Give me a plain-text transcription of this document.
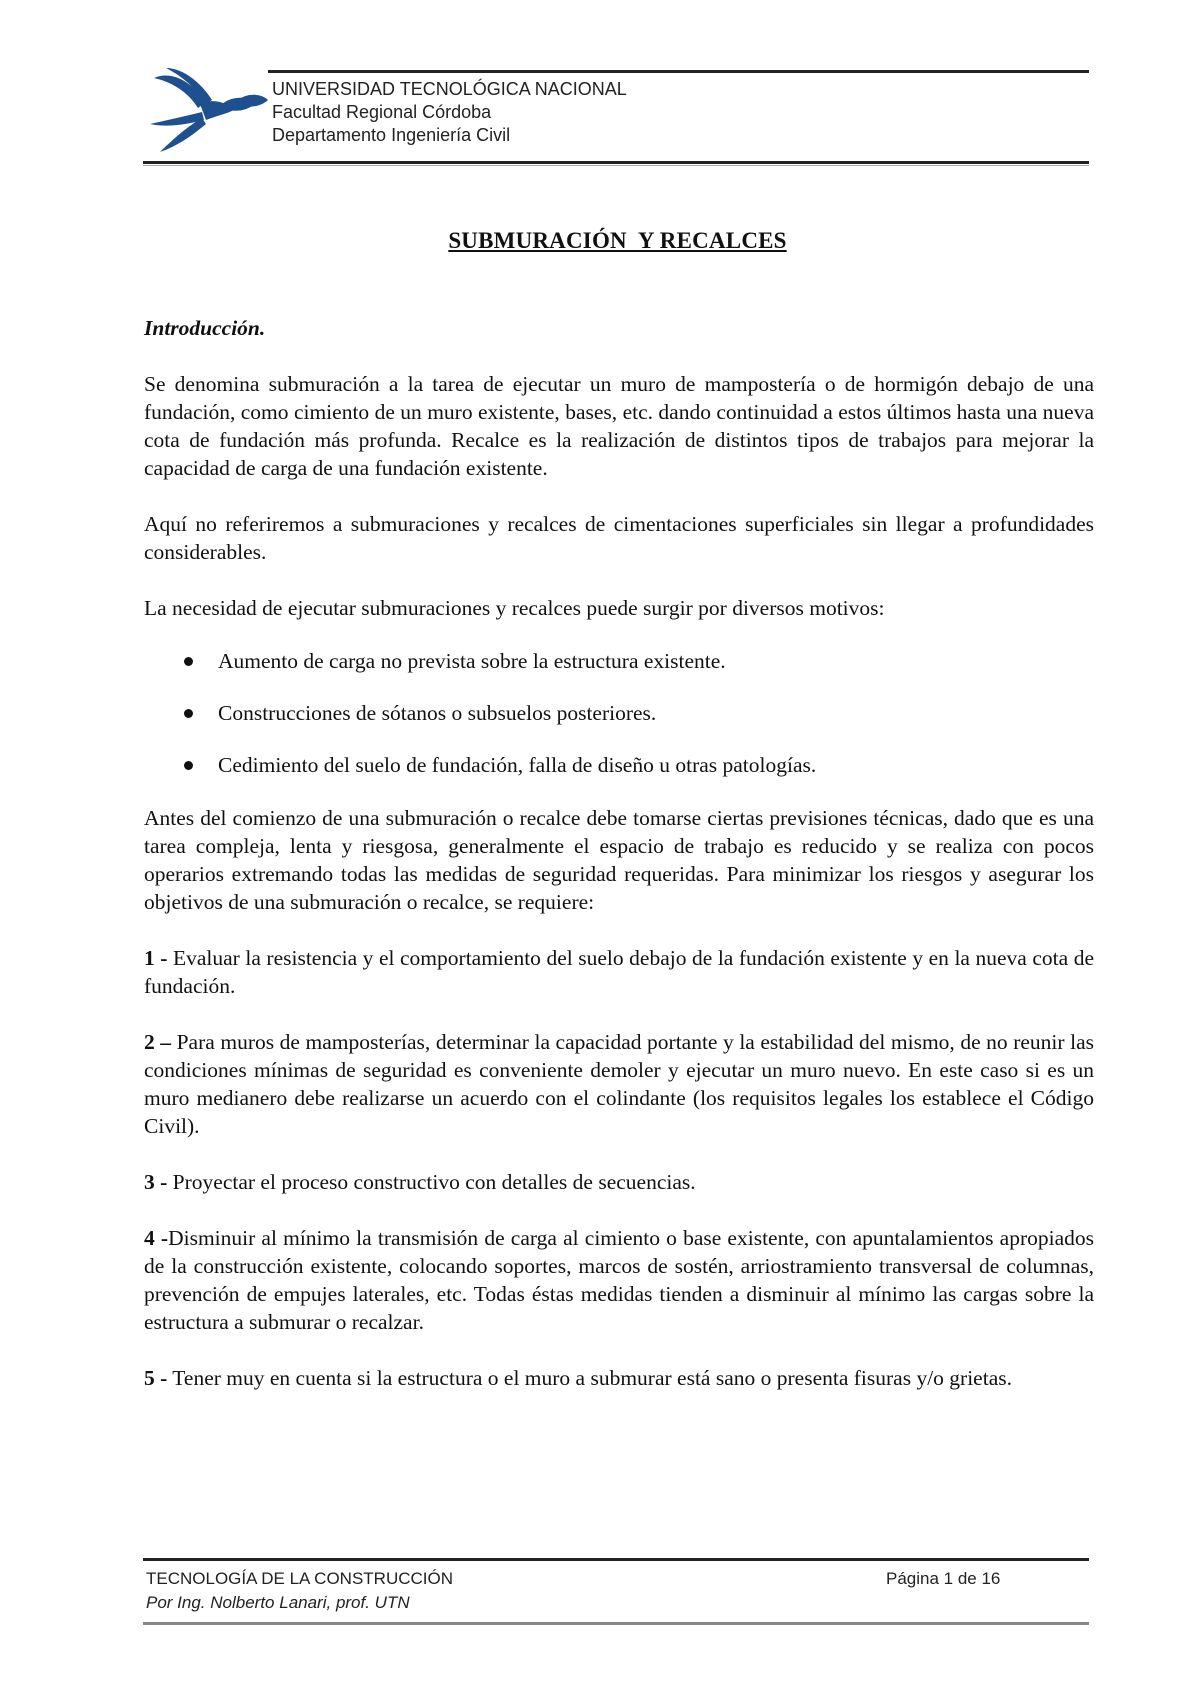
UNIVERSIDAD TECNOLÓGICA NACIONAL
Facultad Regional Córdoba
Departamento Ingeniería Civil
SUBMURACIÓN  Y RECALCES

Introducción.

Se denomina submuración a la tarea de ejecutar un muro de mampostería o de hormigón debajo de una fundación, como cimiento de un muro existente, bases, etc. dando continuidad a estos últimos hasta una nueva cota de fundación más profunda. Recalce es la realización de distintos tipos de trabajos para mejorar la capacidad de carga de una fundación existente.

Aquí no referiremos a submuraciones y recalces de cimentaciones superficiales sin llegar a profundidades considerables.

La necesidad de ejecutar submuraciones y recalces puede surgir por diversos motivos:

Aumento de carga no prevista sobre la estructura existente.
Construcciones de sótanos o subsuelos posteriores.
Cedimiento del suelo de fundación, falla de diseño u otras patologías.

Antes del comienzo de una submuración o recalce debe tomarse ciertas previsiones técnicas, dado que es una tarea compleja, lenta y riesgosa, generalmente el espacio de trabajo es reducido y se realiza con pocos operarios extremando todas las medidas de seguridad requeridas. Para minimizar los riesgos y asegurar los objetivos de una submuración o recalce, se requiere:

1 - Evaluar la resistencia y el comportamiento del suelo debajo de la fundación existente y en la nueva cota de fundación.

2 – Para muros de mamposterías, determinar la capacidad portante y la estabilidad del mismo, de no reunir las condiciones mínimas de seguridad es conveniente demoler y ejecutar un muro nuevo. En este caso si es un muro medianero debe realizarse un acuerdo con el colindante (los requisitos legales los establece el Código Civil).

3 - Proyectar el proceso constructivo con detalles de secuencias.

4 -Disminuir al mínimo la transmisión de carga al cimiento o base existente, con apuntalamientos apropiados de la construcción existente, colocando soportes, marcos de sostén, arriostramiento transversal de columnas, prevención de empujes laterales, etc. Todas éstas medidas tienden a disminuir al mínimo las cargas sobre la estructura a submurar o recalzar.

5 - Tener muy en cuenta si la estructura o el muro a submurar está sano o presenta fisuras y/o grietas.

TECNOLOGÍA DE LA CONSTRUCCIÓN
Por Ing. Nolberto Lanari, prof. UTN
Página 1 de 16
